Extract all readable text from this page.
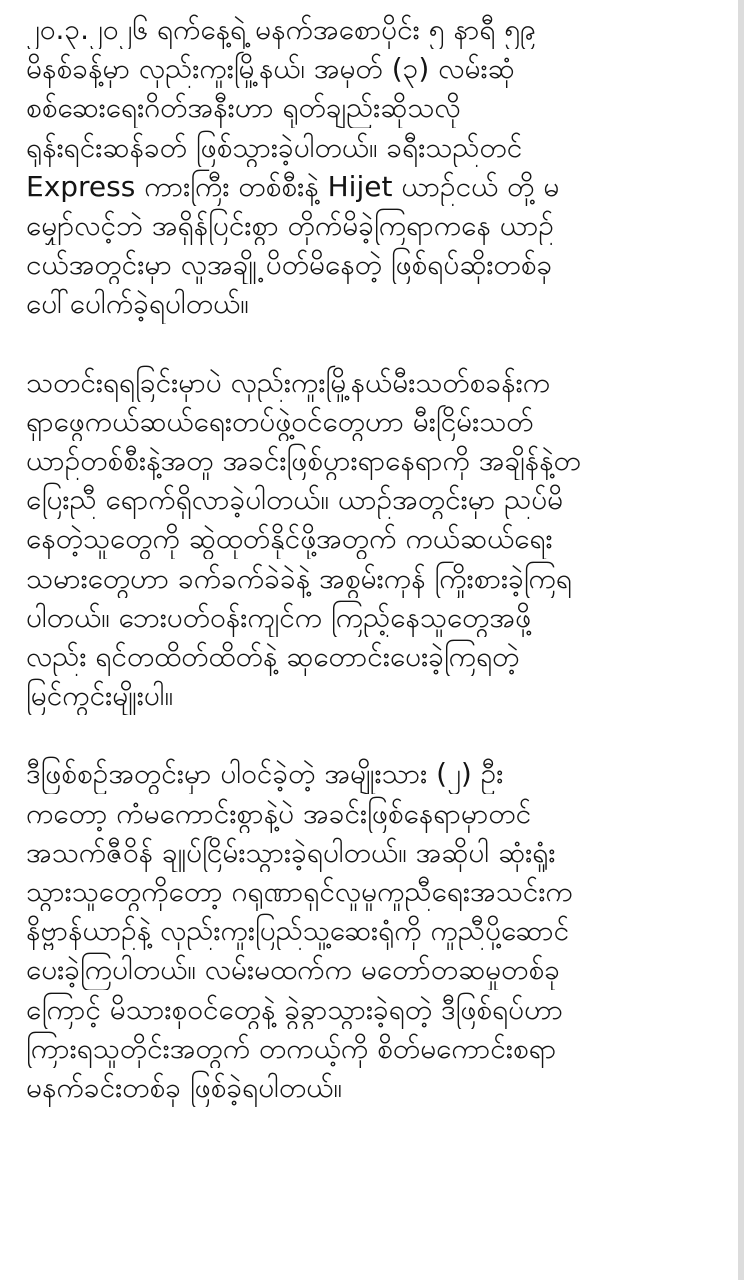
၂၀.၃.၂၀၂၆ ရက်နေ့ရဲ့ မနက်အစောပိုင်း ၅ နာရီ ၅၉
မိနစ်ခန့်မှာ လှည်းကူးမြို့နယ်၊ အမှတ် (၃) လမ်းဆုံ
စစ်ဆေးရေးဂိတ်အနီးဟာ ရုတ်ချည်းဆိုသလို
ရုန်းရင်းဆန်ခတ် ဖြစ်သွားခဲ့ပါတယ်။ ခရီးသည်တင်
Express ကားကြီး တစ်စီးနဲ့ Hijet ယာဉ်ငယ် တို့ မ
မျှော်လင့်ဘဲ အရှိန်ပြင်းစွာ တိုက်မိခဲ့ကြရာကနေ ယာဉ်
ငယ်အတွင်းမှာ လူအချို့ ပိတ်မိနေတဲ့ ဖြစ်ရပ်ဆိုးတစ်ခု
ပေါ်ပေါက်ခဲ့ရပါတယ်။
သတင်းရရခြင်းမှာပဲ လှည်းကူးမြို့နယ်မီးသတ်စခန်းက
ရှာဖွေကယ်ဆယ်ရေးတပ်ဖွဲ့ဝင်တွေဟာ မီးငြိမ်းသတ်
ယာဉ်တစ်စီးနဲ့အတူ အခင်းဖြစ်ပွားရာနေရာကို အချိန်နဲ့တ
ပြေးညီ ရောက်ရှိလာခဲ့ပါတယ်။ ယာဉ်အတွင်းမှာ ညပ်မိ
နေတဲ့သူတွေကို ဆွဲထုတ်နိုင်ဖို့အတွက် ကယ်ဆယ်ရေး
သမားတွေဟာ ခက်ခက်ခဲခဲနဲ့ အစွမ်းကုန် ကြိုးစားခဲ့ကြရ
ပါတယ်။ ဘေးပတ်ဝန်းကျင်က ကြည့်နေသူတွေအဖို့
လည်း ရင်တထိတ်ထိတ်နဲ့ ဆုတောင်းပေးခဲ့ကြရတဲ့
မြင်ကွင်းမျိုးပါ။
ဒီဖြစ်စဉ်အတွင်းမှာ ပါဝင်ခဲ့တဲ့ အမျိုးသား (၂) ဦး
ကတော့ ကံမကောင်းစွာနဲ့ပဲ အခင်းဖြစ်နေရာမှာတင်
အသက်ဇီဝိန် ချုပ်ငြိမ်းသွားခဲ့ရပါတယ်။ အဆိုပါ ဆုံးရှုံး
သွားသူတွေကိုတော့ ဂရုဏာရှင်လူမှုကူညီရေးအသင်းက
နိဗ္ဗာန်ယာဉ်နဲ့ လှည်းကူးပြည်သူ့ဆေးရုံကို ကူညီပို့ဆောင်
ပေးခဲ့ကြပါတယ်။ လမ်းမထက်က မတော်တဆမှုတစ်ခု
ကြောင့် မိသားစုဝင်တွေနဲ့ ခွဲခွာသွားခဲ့ရတဲ့ ဒီဖြစ်ရပ်ဟာ
ကြားရသူတိုင်းအတွက် တကယ့်ကို စိတ်မကောင်းစရာ
မနက်ခင်းတစ်ခု ဖြစ်ခဲ့ရပါတယ်။
